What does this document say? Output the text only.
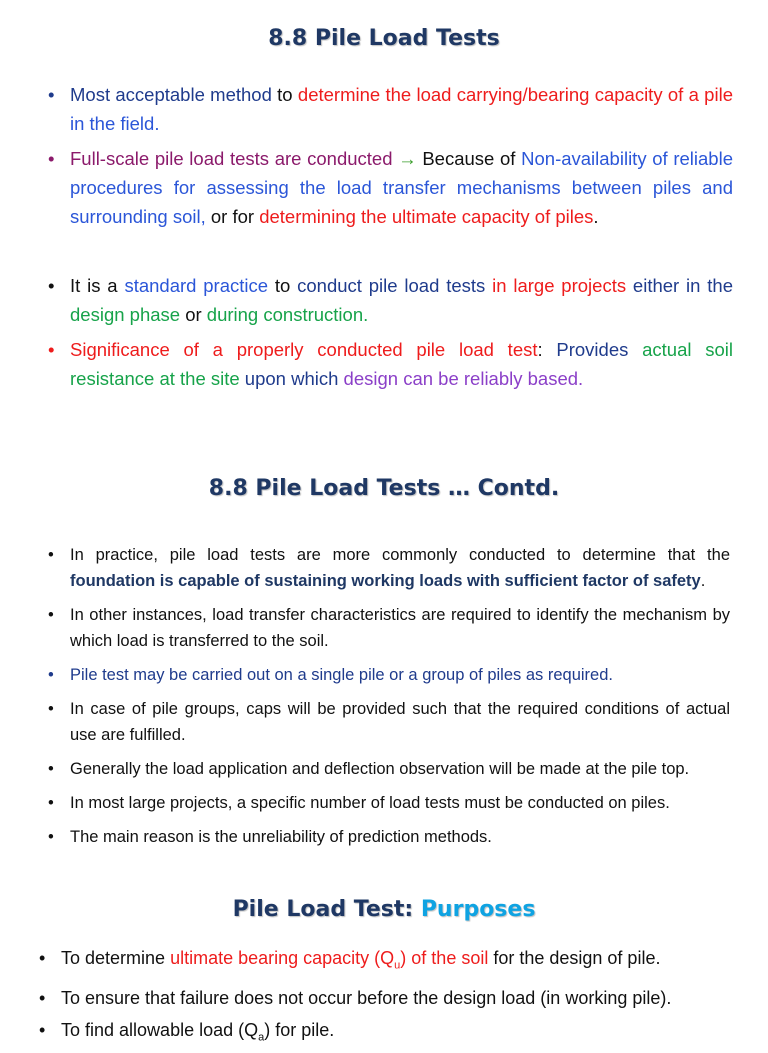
8.8 Pile Load Tests
• Most acceptable method to determine the load carrying/bearing capacity of a pile in the field.
• Full-scale pile load tests are conducted → Because of Non-availability of reliable procedures for assessing the load transfer mechanisms between piles and surrounding soil, or for determining the ultimate capacity of piles.
• It is a standard practice to conduct pile load tests in large projects either in the design phase or during construction.
• Significance of a properly conducted pile load test: Provides actual soil resistance at the site upon which design can be reliably based.
8.8 Pile Load Tests … Contd.
• In practice, pile load tests are more commonly conducted to determine that the foundation is capable of sustaining working loads with sufficient factor of safety.
• In other instances, load transfer characteristics are required to identify the mechanism by which load is transferred to the soil.
• Pile test may be carried out on a single pile or a group of piles as required.
• In case of pile groups, caps will be provided such that the required conditions of actual use are fulfilled.
• Generally the load application and deflection observation will be made at the pile top.
• In most large projects, a specific number of load tests must be conducted on piles.
• The main reason is the unreliability of prediction methods.
Pile Load Test: Purposes
• To determine ultimate bearing capacity $(Q_u)$ of the soil for the design of pile.
• To ensure that failure does not occur before the design load (in working pile).
• To find allowable load $(Q_a)$ for pile.
